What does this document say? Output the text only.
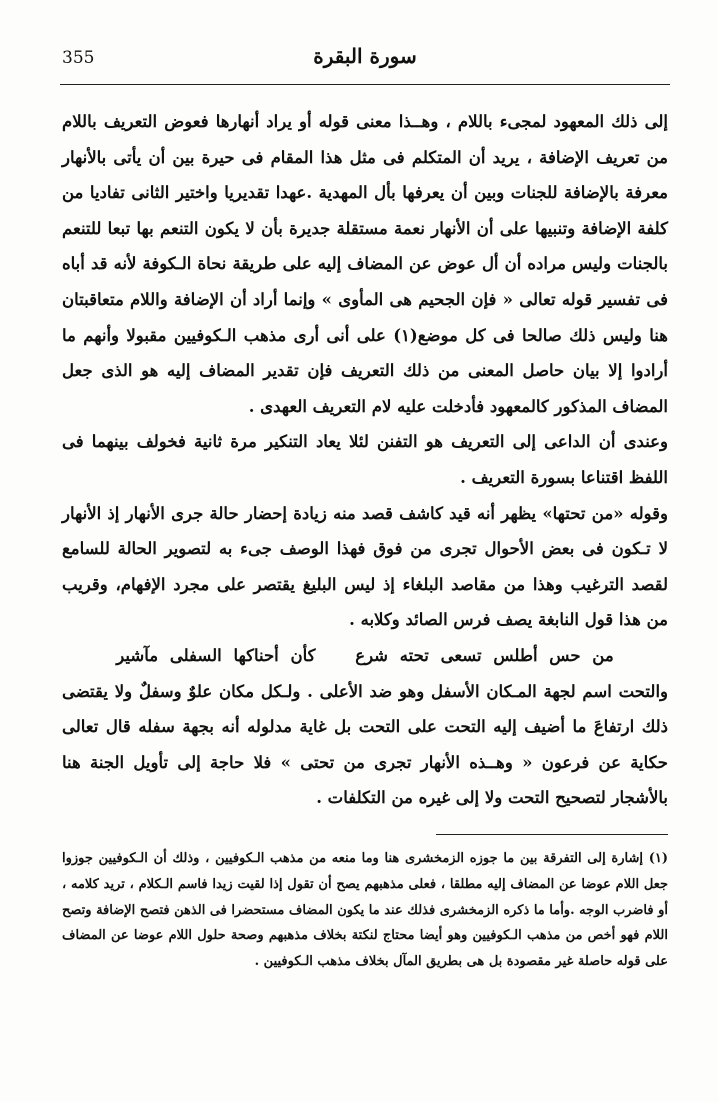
355	سورة البقرة

إلى ذلك المعهود لمجىء باللام ، وهــذا معنى قوله أو يراد أنهارها فعوض التعريف باللام من تعريف الإضافة ، يريد أن المتكلم فى مثل هذا المقام فى حيرة بين أن يأتى بالأنهار معرفة بالإضافة للجنات وبين أن يعرفها بأل المهدية .عهدا تقديريا واختير الثانى تفاديا من كلفة الإضافة وتنبيها على أن الأنهار نعمة مستقلة جديرة بأن لا يكون التنعم بها تبعا للتنعم بالجنات وليس مراده أن أل عوض عن المضاف إليه على طريقة نحاة الـكوفة لأنه قد أباه فى تفسير قوله تعالى « فإن الجحيم هى المأوى » وإنما أراد أن الإضافة واللام متعاقبتان هنا وليس ذلك صالحا فى كل موضع(١) على أنى أرى مذهب الـكوفيين مقبولا وأنهم ما أرادوا إلا بيان حاصل المعنى من ذلك التعريف فإن تقدير المضاف إليه هو الذى جعل المضاف المذكور كالمعهود فأدخلت عليه لام التعريف العهدى .

وعندى أن الداعى إلى التعريف هو التفنن لئلا يعاد التنكير مرة ثانية فخولف بينهما فى اللفظ اقتناعا بسورة التعريف .

وقوله «من تحتها» يظهر أنه قيد كاشف قصد منه زيادة إحضار حالة جرى الأنهار إذ الأنهار لا تـكون فى بعض الأحوال تجرى من فوق فهذا الوصف جىء به لتصوير الحالة للسامع لقصد الترغيب وهذا من مقاصد البلغاء إذ ليس البليغ يقتصر على مجرد الإفهام، وقريب من هذا قول النابغة يصف فرس الصائد وكلابه .

من حس أطلس تسعى تحته شرع كأن أحناكها السفلى مآشير

والتحت اسم لجهة المـكان الأسفل وهو ضد الأعلى . ولـكل مكان علوٌ وسفلٌ ولا يقتضى ذلك ارتفاعَ ما أضيف إليه التحت على التحت بل غاية مدلوله أنه بجهة سفله قال تعالى حكاية عن فرعون « وهــذه الأنهار تجرى من تحتى » فلا حاجة إلى تأويل الجنة هنا بالأشجار لتصحيح التحت ولا إلى غيره من التكلفات .

(١) إشارة إلى التفرقة بين ما جوزه الزمخشرى هنا وما منعه من مذهب الـكوفيين ، وذلك أن الـكوفيين جوزوا جعل اللام عوضا عن المضاف إليه مطلقا ، فعلى مذهبهم يصح أن تقول إذا لقيت زيدا فاسم الـكلام ، تريد كلامه ، أو فاضرب الوجه .وأما ما ذكره الزمخشرى فذلك عند ما يكون المضاف مستحضرا فى الذهن فتصح الإضافة وتصح اللام فهو أخص من مذهب الـكوفيين وهو أيضا محتاج لنكتة بخلاف مذهبهم وصحة حلول اللام عوضا عن المضاف على قوله حاصلة غير مقصودة بل هى بطريق المآل بخلاف مذهب الـكوفيين .
